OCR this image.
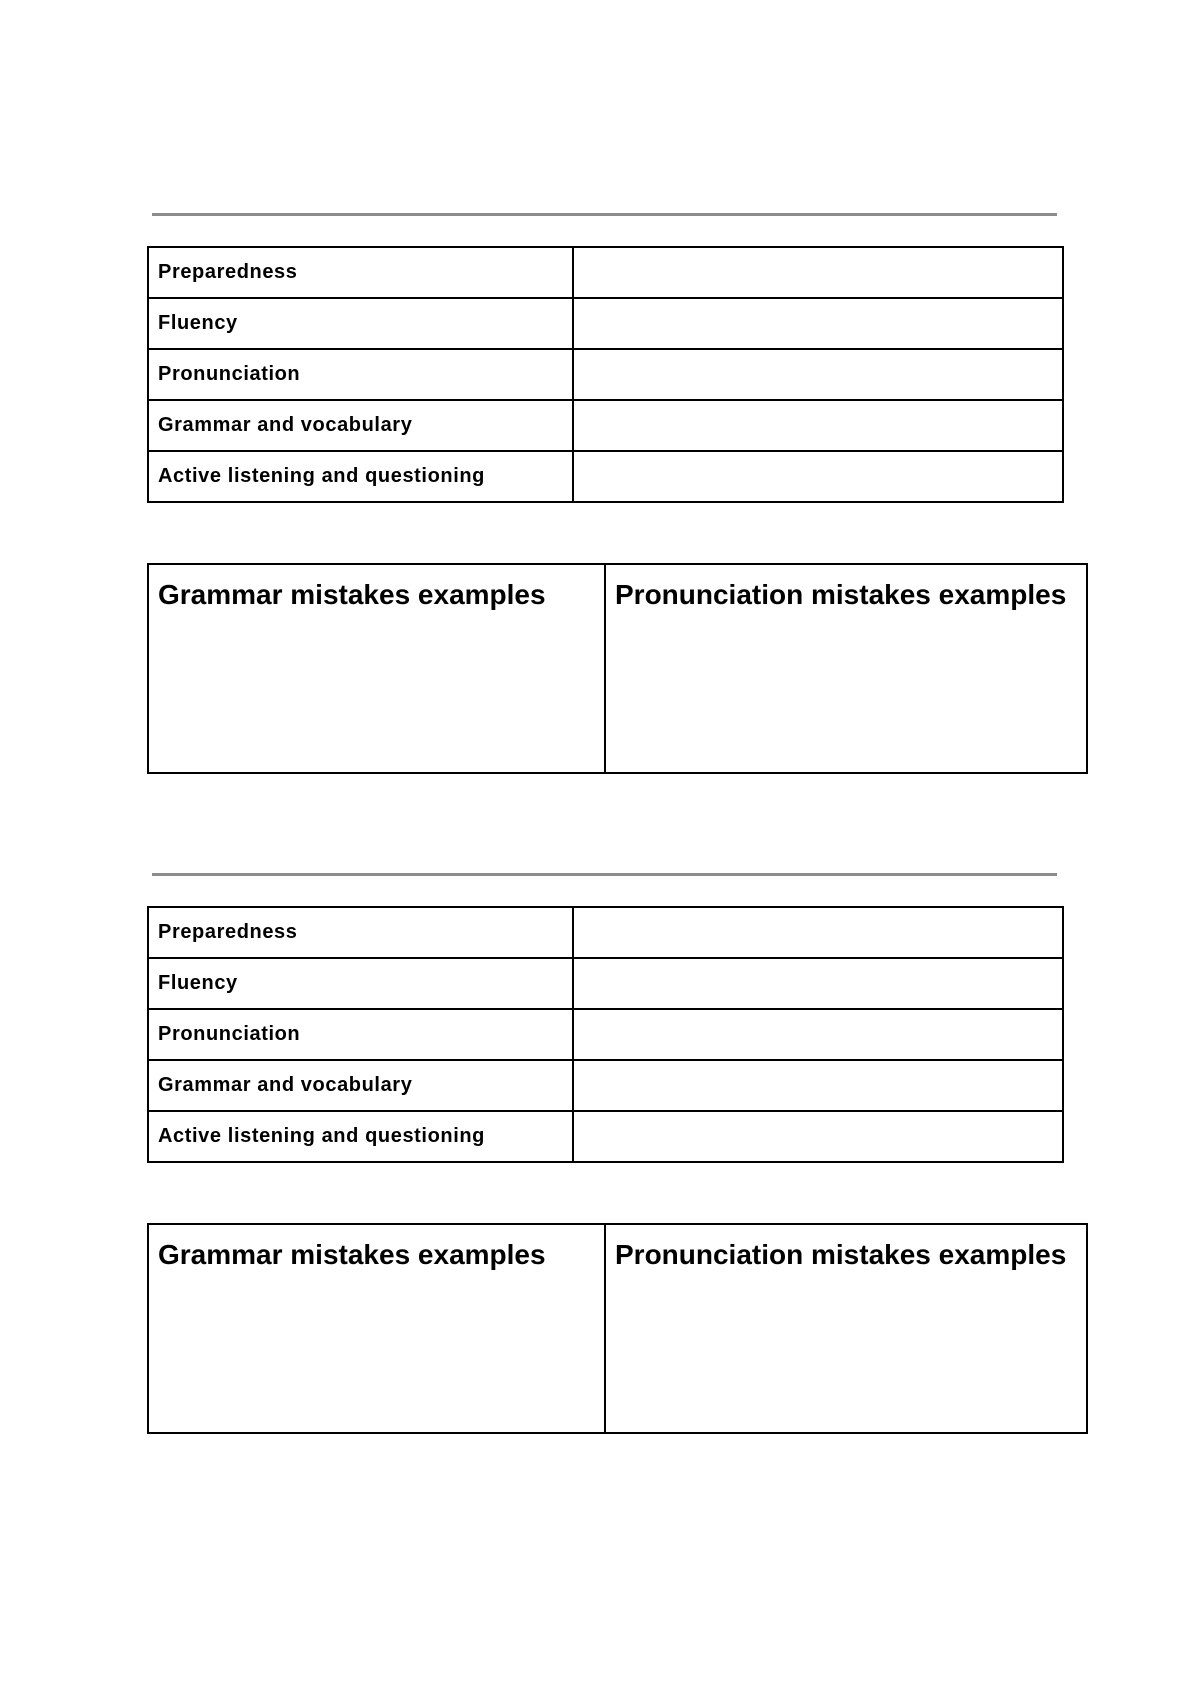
Preparedness	
Fluency	
Pronunciation	
Grammar and vocabulary	
Active listening and questioning	
Grammar mistakes examples	Pronunciation mistakes examples
Preparedness	
Fluency	
Pronunciation	
Grammar and vocabulary	
Active listening and questioning	
Grammar mistakes examples	Pronunciation mistakes examples
